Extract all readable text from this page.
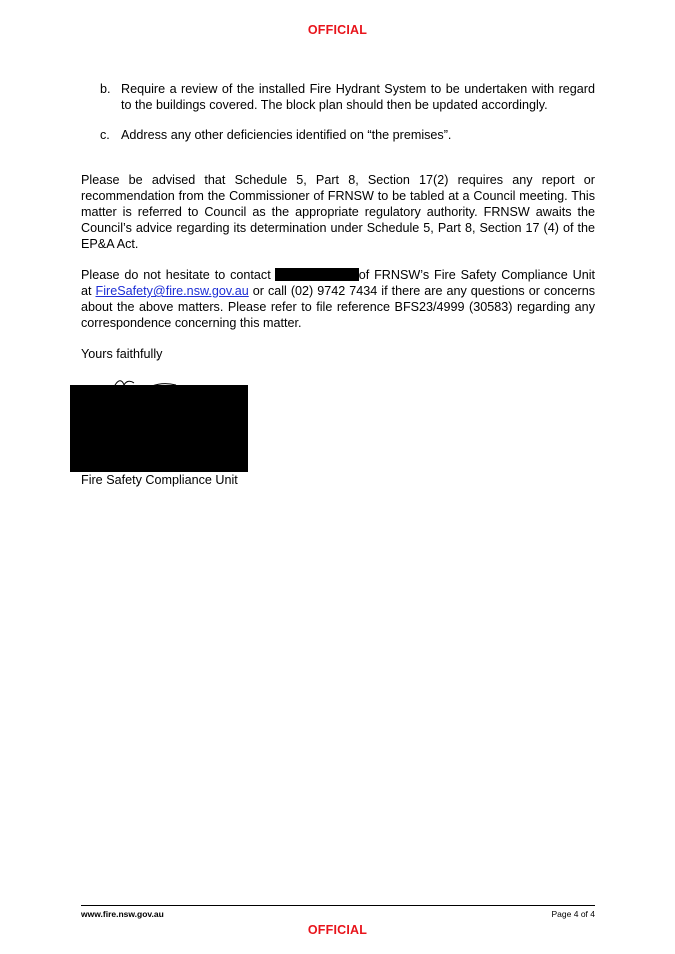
OFFICIAL
b. Require a review of the installed Fire Hydrant System to be undertaken with regard to the buildings covered. The block plan should then be updated accordingly.
c. Address any other deficiencies identified on “the premises”.

Please be advised that Schedule 5, Part 8, Section 17(2) requires any report or recommendation from the Commissioner of FRNSW to be tabled at a Council meeting. This matter is referred to Council as the appropriate regulatory authority. FRNSW awaits the Council’s advice regarding its determination under Schedule 5, Part 8, Section 17 (4) of the EP&A Act.

Please do not hesitate to contact	of FRNSW’s Fire Safety Compliance Unit at FireSafety@fire.nsw.gov.au or call (02) 9742 7434 if there are any questions or concerns about the above matters. Please refer to file reference BFS23/4999 (30583) regarding any correspondence concerning this matter.

Yours faithfully

Fire Safety Compliance Unit
www.fire.nsw.gov.au	Page 4 of 4
OFFICIAL
